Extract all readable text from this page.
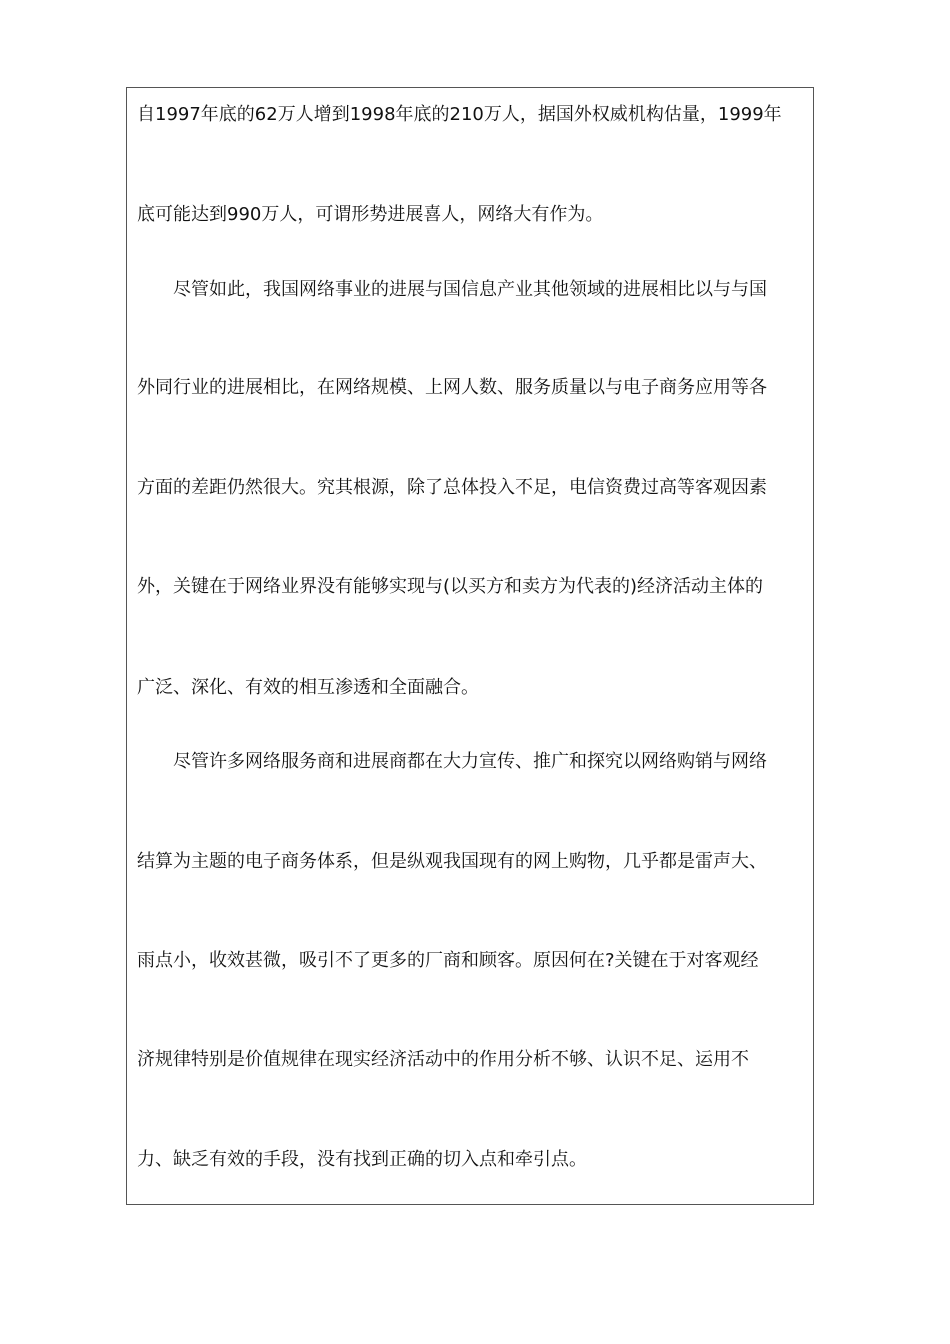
自1997年底的62万人增到1998年底的210万人，据国外权威机构估量，1999年
底可能达到990万人，可谓形势进展喜人，网络大有作为。
尽管如此，我国网络事业的进展与国信息产业其他领域的进展相比以与与国
外同行业的进展相比，在网络规模、上网人数、服务质量以与电子商务应用等各
方面的差距仍然很大。究其根源，除了总体投入不足，电信资费过高等客观因素
外，关键在于网络业界没有能够实现与(以买方和卖方为代表的)经济活动主体的
广泛、深化、有效的相互渗透和全面融合。
尽管许多网络服务商和进展商都在大力宣传、推广和探究以网络购销与网络
结算为主题的电子商务体系，但是纵观我国现有的网上购物，几乎都是雷声大、
雨点小，收效甚微，吸引不了更多的厂商和顾客。原因何在?关键在于对客观经
济规律特别是价值规律在现实经济活动中的作用分析不够、认识不足、运用不
力、缺乏有效的手段，没有找到正确的切入点和牵引点。
